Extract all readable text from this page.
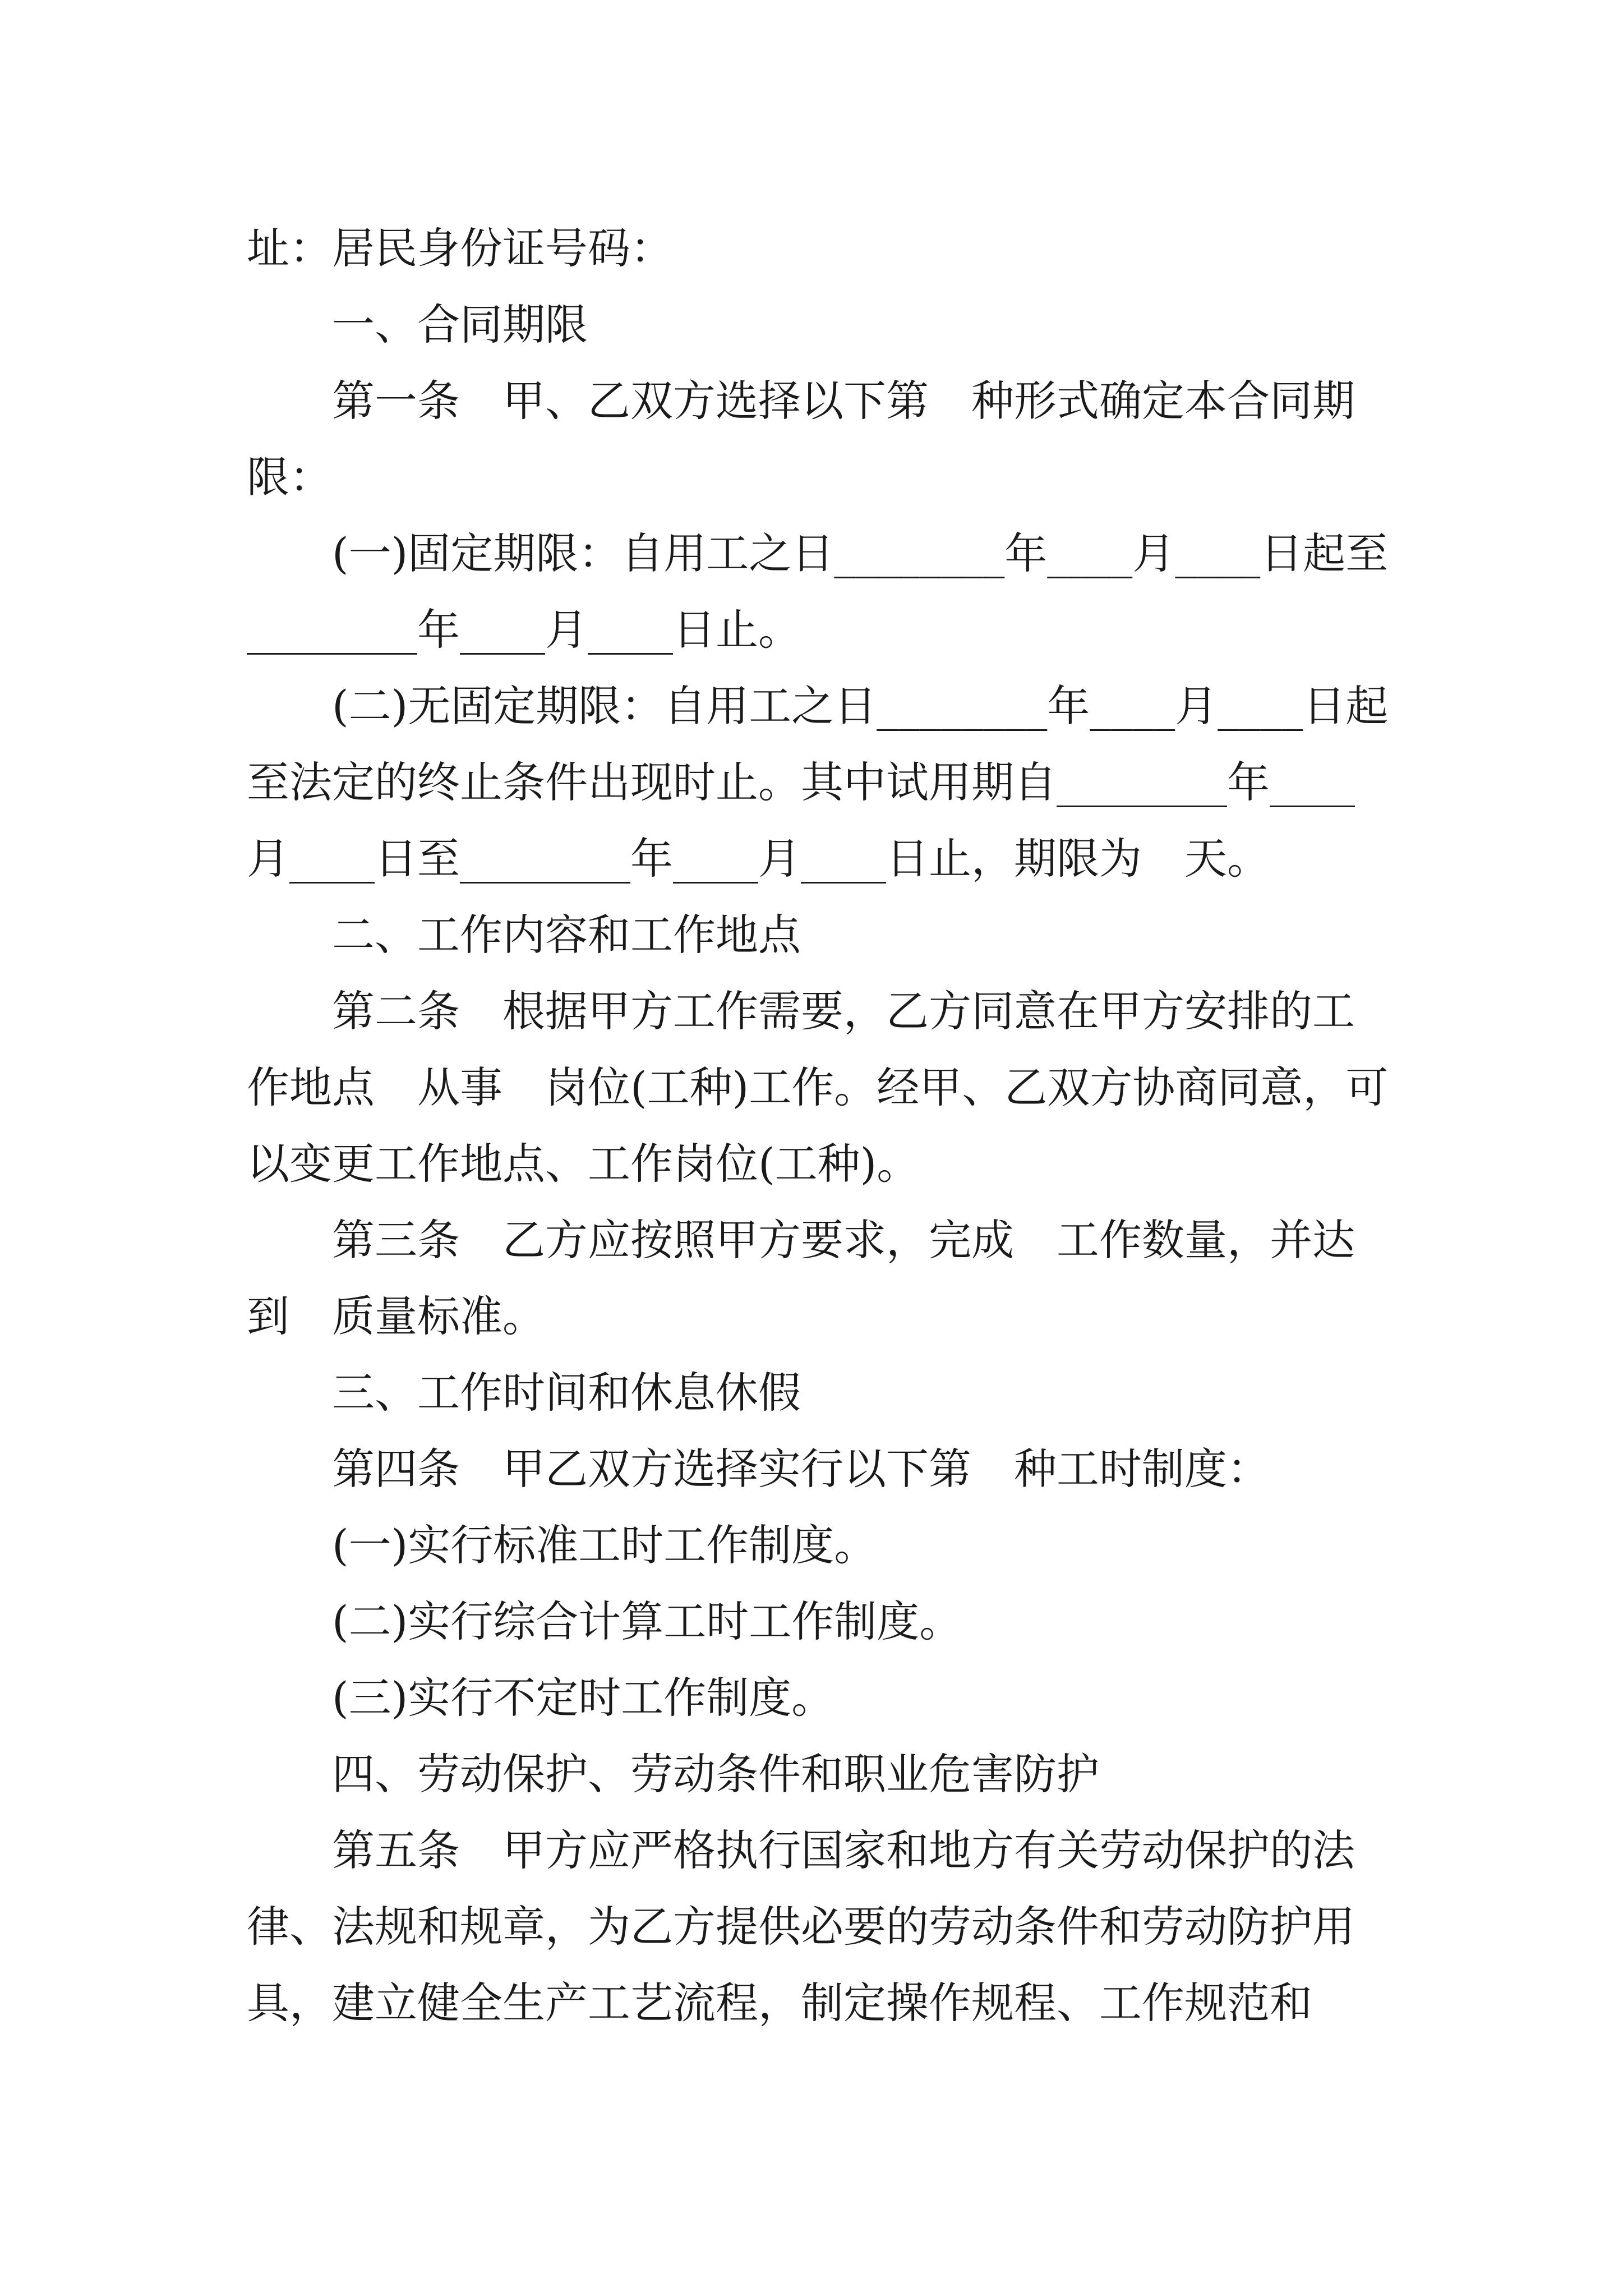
址：居民身份证号码：

一、合同期限

第一条　甲、乙双方选择以下第　种形式确定本合同期限：

(一)固定期限：自用工之日________年____月____日起至________年____月____日止。

(二)无固定期限：自用工之日________年____月____日起至法定的终止条件出现时止。其中试用期自________年____月____日至________年____月____日止，期限为　天。

二、工作内容和工作地点

第二条　根据甲方工作需要，乙方同意在甲方安排的工作地点　从事　岗位(工种)工作。经甲、乙双方协商同意，可以变更工作地点、工作岗位(工种)。

第三条　乙方应按照甲方要求，完成　工作数量，并达到　质量标准。

三、工作时间和休息休假

第四条　甲乙双方选择实行以下第　种工时制度：

(一)实行标准工时工作制度。

(二)实行综合计算工时工作制度。

(三)实行不定时工作制度。

四、劳动保护、劳动条件和职业危害防护

第五条　甲方应严格执行国家和地方有关劳动保护的法律、法规和规章，为乙方提供必要的劳动条件和劳动防护用具，建立健全生产工艺流程，制定操作规程、工作规范和
